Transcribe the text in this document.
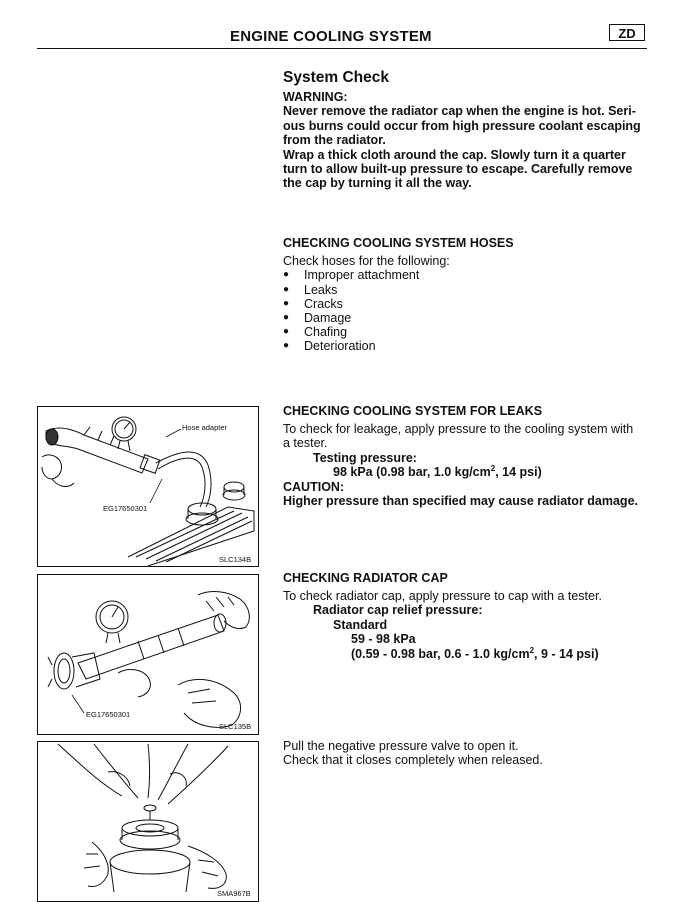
ENGINE COOLING SYSTEM	ZD
System Check
WARNING:
Never remove the radiator cap when the engine is hot. Seri-
ous burns could occur from high pressure coolant escaping
from the radiator.
Wrap a thick cloth around the cap. Slowly turn it a quarter
turn to allow built-up pressure to escape. Carefully remove
the cap by turning it all the way.
CHECKING COOLING SYSTEM HOSES
Check hoses for the following:
● Improper attachment
● Leaks
● Cracks
● Damage
● Chafing
● Deterioration
CHECKING COOLING SYSTEM FOR LEAKS
To check for leakage, apply pressure to the cooling system with
a tester.
Testing pressure:
98 kPa (0.98 bar, 1.0 $kg/cm^2$, 14 psi)
CAUTION:
Higher pressure than specified may cause radiator damage.
CHECKING RADIATOR CAP
To check radiator cap, apply pressure to cap with a tester.
Radiator cap relief pressure:
Standard
59 - 98 kPa
(0.59 - 0.98 bar, 0.6 - 1.0 $kg/cm^2$, 9 - 14 psi)
Pull the negative pressure valve to open it.
Check that it closes completely when released.
Hose adapter
EG17650301
SLC134B
EG17650301
SLC135B
SMA967B
